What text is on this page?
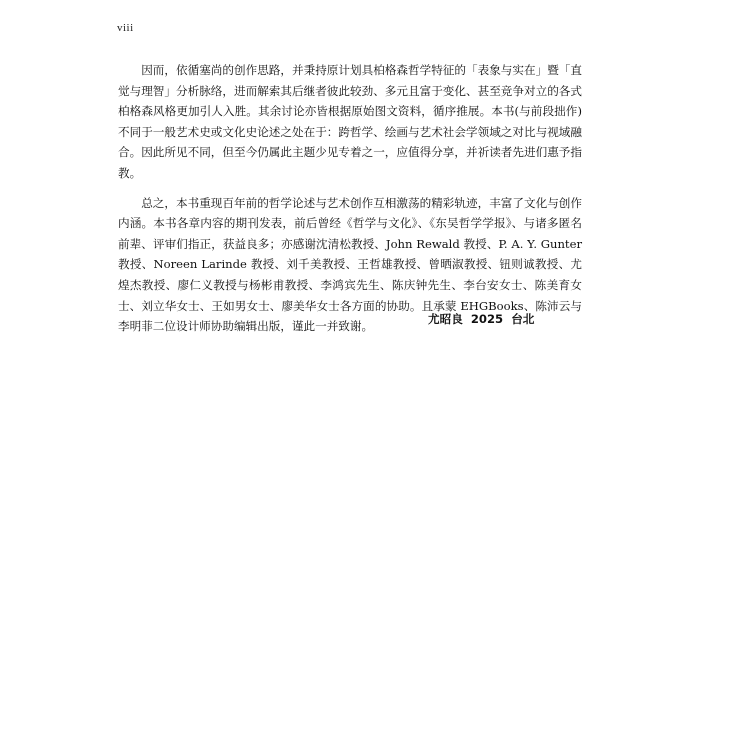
viii

因而，依循塞尚的创作思路，并秉持原计划具柏格森哲学特征的「表象与实在」暨「直觉与理智」分析脉络，进而解索其后继者彼此较劲、多元且富于变化、甚至竞争对立的各式柏格森风格更加引人入胜。其余讨论亦皆根据原始图文资料，循序推展。本书(与前段拙作)不同于一般艺术史或文化史论述之处在于：跨哲学、绘画与艺术社会学领域之对比与视域融合。因此所见不同，但至今仍属此主题少见专着之一，应值得分享，并祈读者先进们惠予指教。

总之，本书重现百年前的哲学论述与艺术创作互相激荡的精彩轨迹，丰富了文化与创作内涵。本书各章内容的期刊发表，前后曾经《哲学与文化》、《东吴哲学学报》、与诸多匿名前辈、评审们指正，获益良多；亦感谢沈清松教授、John Rewald 教授、P. A. Y. Gunter 教授、Noreen Larinde 教授、刘千美教授、王哲雄教授、曾晒淑教授、钮则诚教授、尤煌杰教授、廖仁义教授与杨彬甫教授、李鸿宾先生、陈庆钟先生、李台安女士、陈美育女士、刘立华女士、王如男女士、廖美华女士各方面的协助。且承蒙 EHGBooks、陈沛云与李明菲二位设计师协助编辑出版，谨此一并致谢。

尤昭良  2025  台北
